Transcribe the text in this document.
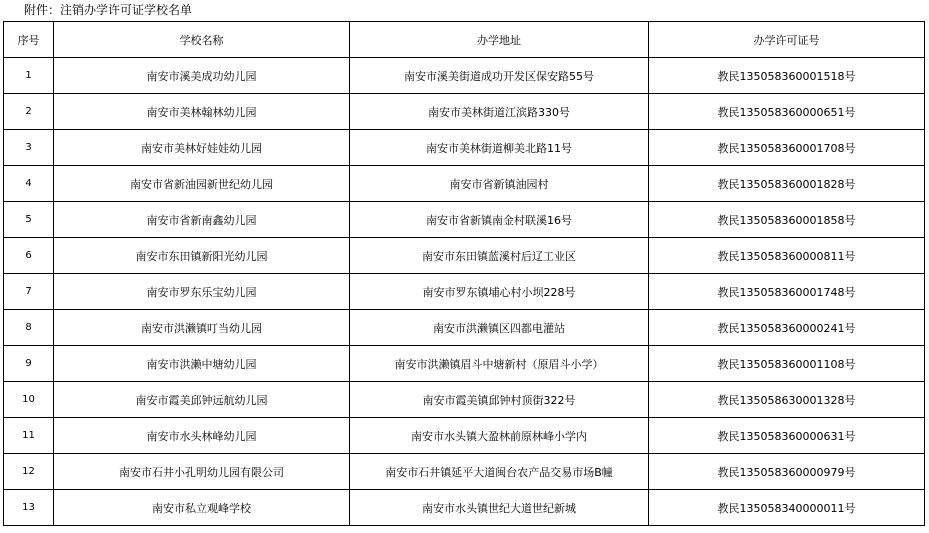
附件：注销办学许可证学校名单
序号	学校名称	办学地址	办学许可证号
1	南安市溪美成功幼儿园	南安市溪美街道成功开发区保安路55号	教民135058360001518号
2	南安市美林翰林幼儿园	南安市美林街道江滨路330号	教民135058360000651号
3	南安市美林好娃娃幼儿园	南安市美林街道柳美北路11号	教民135058360001708号
4	南安市省新油园新世纪幼儿园	南安市省新镇油园村	教民135058360001828号
5	南安市省新南鑫幼儿园	南安市省新镇南金村联溪16号	教民135058360001858号
6	南安市东田镇新阳光幼儿园	南安市东田镇蓝溪村后辽工业区	教民135058360000811号
7	南安市罗东乐宝幼儿园	南安市罗东镇埔心村小坝228号	教民135058360001748号
8	南安市洪濑镇叮当幼儿园	南安市洪濑镇区四都电灌站	教民135058360000241号
9	南安市洪濑中塘幼儿园	南安市洪濑镇眉斗中塘新村（原眉斗小学）	教民135058360001108号
10	南安市霞美邱钟远航幼儿园	南安市霞美镇邱钟村顶街322号	教民135058630001328号
11	南安市水头林峰幼儿园	南安市水头镇大盈林前原林峰小学内	教民135058360000631号
12	南安市石井小孔明幼儿园有限公司	南安市石井镇延平大道闽台农产品交易市场B幢	教民135058360000979号
13	南安市私立观峰学校	南安市水头镇世纪大道世纪新城	教民135058340000011号
